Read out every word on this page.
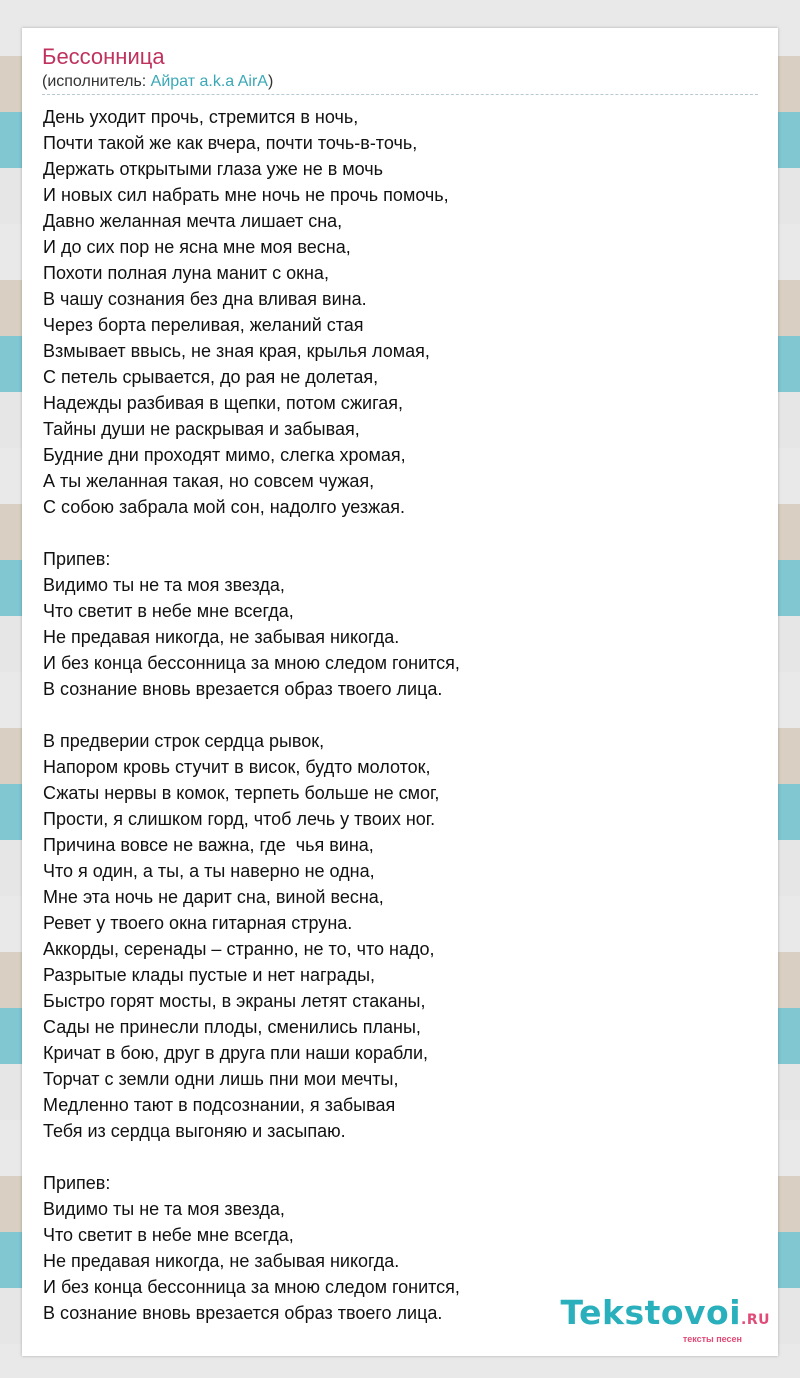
Бессонница
(исполнитель: Айрат a.k.a AirA)
День уходит прочь, стремится в ночь,
Почти такой же как вчера, почти точь-в-точь,
Держать открытыми глаза уже не в мочь
И новых сил набрать мне ночь не прочь помочь,
Давно желанная мечта лишает сна,
И до сих пор не ясна мне моя весна,
Похоти полная луна манит с окна,
В чашу сознания без дна вливая вина.
Через борта переливая, желаний стая
Взмывает ввысь, не зная края, крылья ломая,
С петель срывается, до рая не долетая,
Надежды разбивая в щепки, потом сжигая,
Тайны души не раскрывая и забывая,
Будние дни проходят мимо, слегка хромая,
А ты желанная такая, но совсем чужая,
С собою забрала мой сон, надолго уезжая.
Припев:
Видимо ты не та моя звезда,
Что светит в небе мне всегда,
Не предавая никогда, не забывая никогда.
И без конца бессонница за мною следом гонится,
В сознание вновь врезается образ твоего лица.
В предверии строк сердца рывок,
Напором кровь стучит в висок, будто молоток,
Сжаты нервы в комок, терпеть больше не смог,
Прости, я слишком горд, чтоб лечь у твоих ног.
Причина вовсе не важна, где  чья вина,
Что я один, а ты, а ты наверно не одна,
Мне эта ночь не дарит сна, виной весна,
Ревет у твоего окна гитарная струна.
Аккорды, серенады – странно, не то, что надо,
Разрытые клады пустые и нет награды,
Быстро горят мосты, в экраны летят стаканы,
Сады не принесли плоды, сменились планы,
Кричат в бою, друг в друга пли наши корабли,
Торчат с земли одни лишь пни мои мечты,
Медленно тают в подсознании, я забывая
Тебя из сердца выгоняю и засыпаю.
Припев:
Видимо ты не та моя звезда,
Что светит в небе мне всегда,
Не предавая никогда, не забывая никогда.
И без конца бессонница за мною следом гонится,
В сознание вновь врезается образ твоего лица.	Tekstovoi.RU
тексты песен
